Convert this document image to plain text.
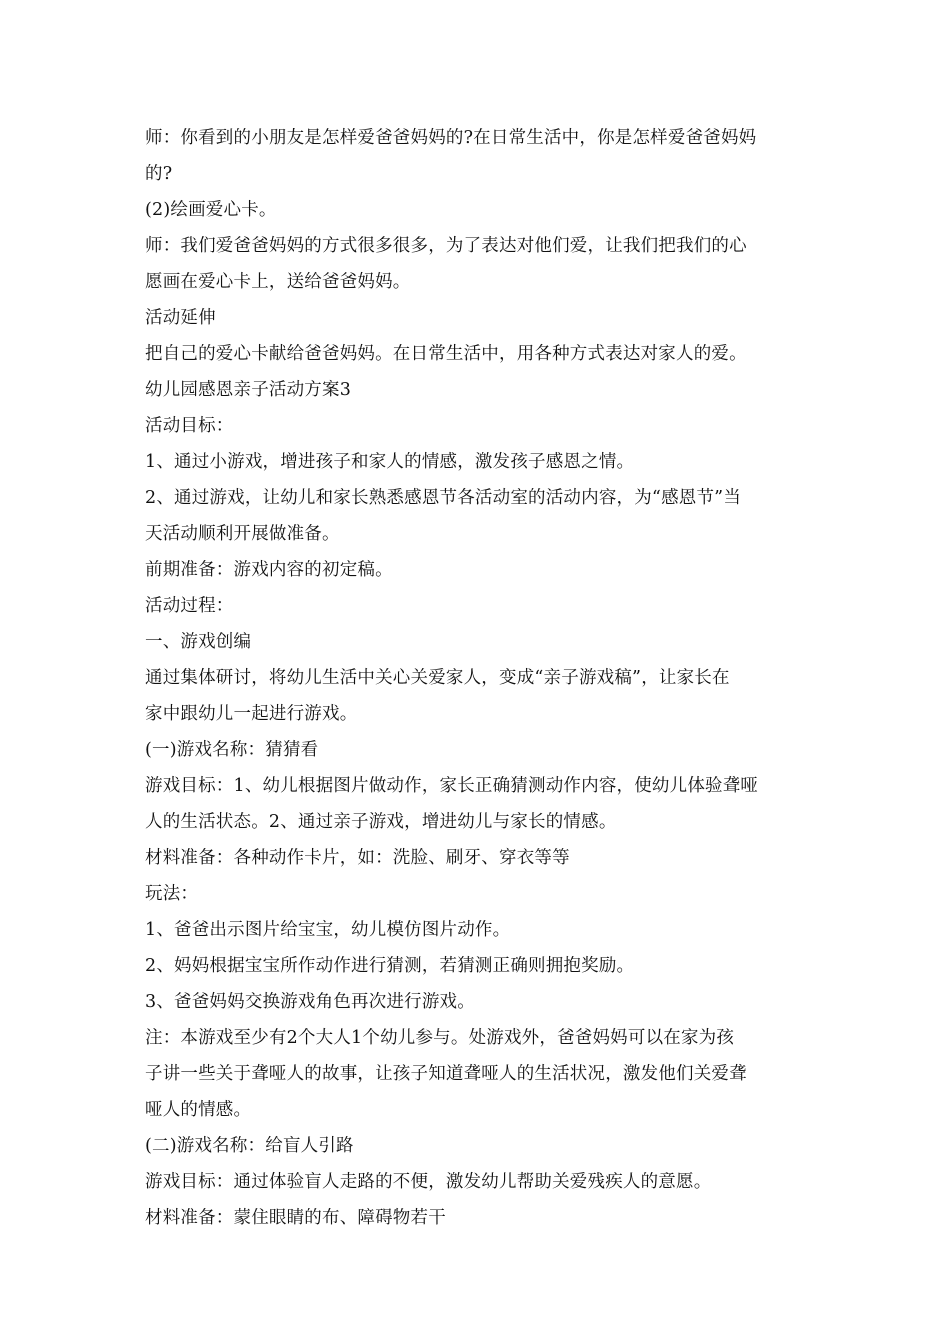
师：你看到的小朋友是怎样爱爸爸妈妈的?在日常生活中，你是怎样爱爸爸妈妈
的?
(2)绘画爱心卡。
师：我们爱爸爸妈妈的方式很多很多，为了表达对他们爱，让我们把我们的心
愿画在爱心卡上，送给爸爸妈妈。
活动延伸
把自己的爱心卡献给爸爸妈妈。在日常生活中，用各种方式表达对家人的爱。
幼儿园感恩亲子活动方案3
活动目标：
1、通过小游戏，增进孩子和家人的情感，激发孩子感恩之情。
2、通过游戏，让幼儿和家长熟悉感恩节各活动室的活动内容，为“感恩节”当
天活动顺利开展做准备。
前期准备：游戏内容的初定稿。
活动过程：
一、游戏创编
通过集体研讨，将幼儿生活中关心关爱家人，变成“亲子游戏稿”，让家长在
家中跟幼儿一起进行游戏。
(一)游戏名称：猜猜看
游戏目标：1、幼儿根据图片做动作，家长正确猜测动作内容，使幼儿体验聋哑
人的生活状态。2、通过亲子游戏，增进幼儿与家长的情感。
材料准备：各种动作卡片，如：洗脸、刷牙、穿衣等等
玩法：
1、爸爸出示图片给宝宝，幼儿模仿图片动作。
2、妈妈根据宝宝所作动作进行猜测，若猜测正确则拥抱奖励。
3、爸爸妈妈交换游戏角色再次进行游戏。
注：本游戏至少有2个大人1个幼儿参与。处游戏外，爸爸妈妈可以在家为孩
子讲一些关于聋哑人的故事，让孩子知道聋哑人的生活状况，激发他们关爱聋
哑人的情感。
(二)游戏名称：给盲人引路
游戏目标：通过体验盲人走路的不便，激发幼儿帮助关爱残疾人的意愿。
材料准备：蒙住眼睛的布、障碍物若干
